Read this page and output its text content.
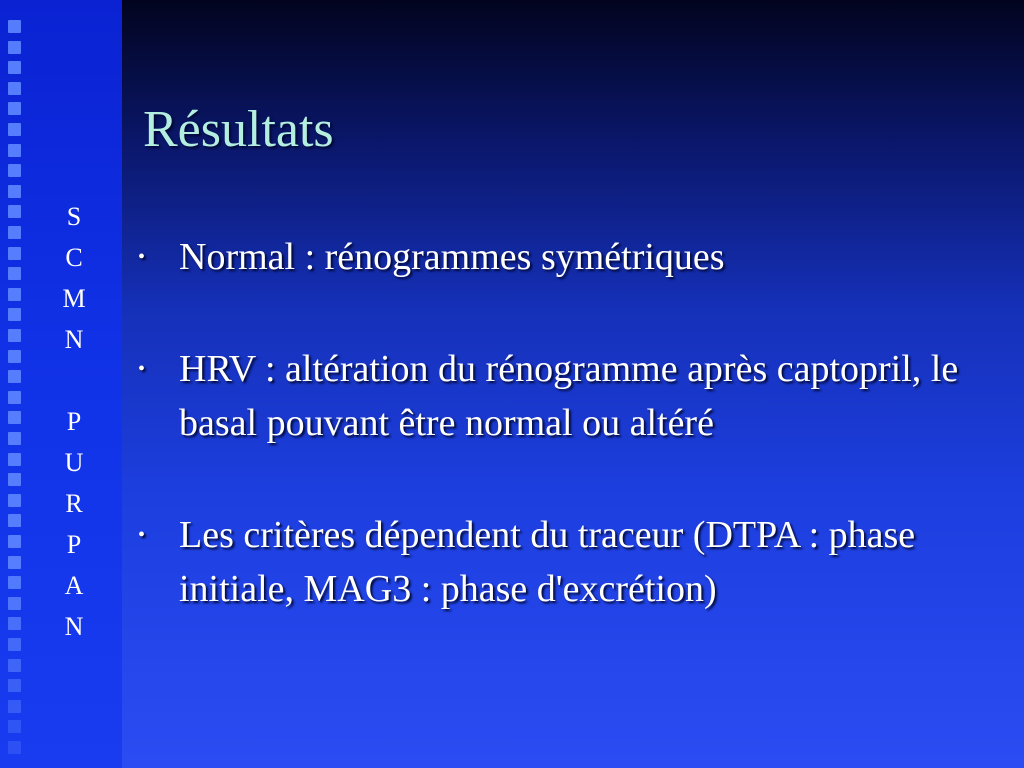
S
C
M
N
P
U
R
P
A
N
Résultats
• Normal : rénogrammes symétriques
• HRV : altération du rénogramme après captopril, le basal pouvant être normal ou altéré
• Les critères dépendent du traceur (DTPA : phase initiale, MAG3 : phase d'excrétion)
